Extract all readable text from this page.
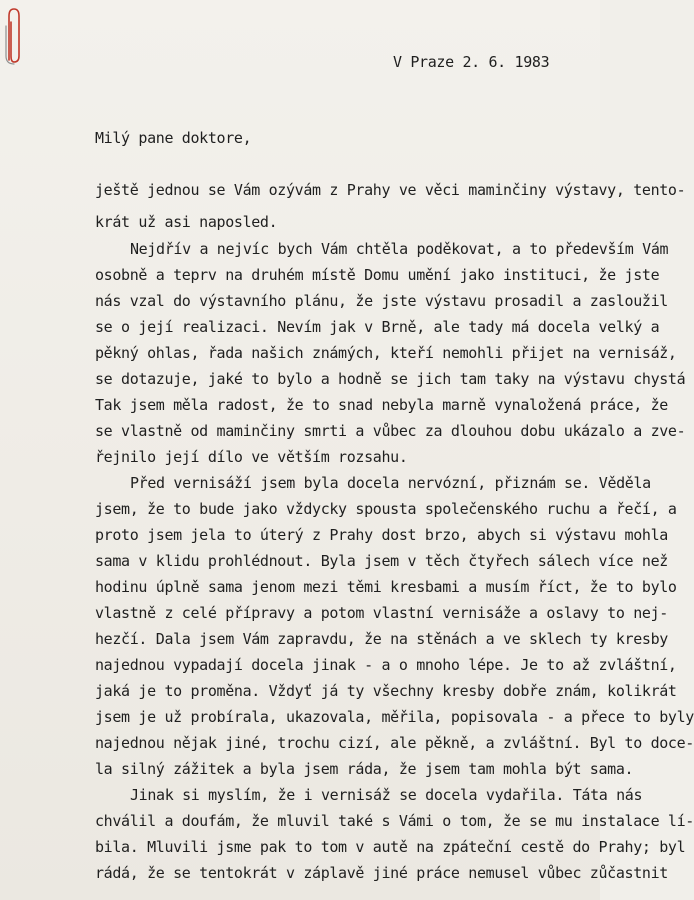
V Praze 2. 6. 1983
Milý pane doktore,
ještě jednou se Vám ozývám z Prahy ve věci maminčiny výstavy, tento-
krát už asi naposled.
Nejdřív a nejvíc bych Vám chtěla poděkovat, a to především Vám
osobně a teprv na druhém místě Domu umění jako instituci, že jste
nás vzal do výstavního plánu, že jste výstavu prosadil a zasloužil
se o její realizaci. Nevím jak v Brně, ale tady má docela velký a
pěkný ohlas, řada našich známých, kteří nemohli přijet na vernisáž,
se dotazuje, jaké to bylo a hodně se jich tam taky na výstavu chystá
Tak jsem měla radost, že to snad nebyla marně vynaložená práce, že
se vlastně od maminčiny smrti a vůbec za dlouhou dobu ukázalo a zve-
řejnilo její dílo ve větším rozsahu.
Před vernisáží jsem byla docela nervózní, přiznám se. Věděla
jsem, že to bude jako vždycky spousta společenského ruchu a řečí, a
proto jsem jela to úterý z Prahy dost brzo, abych si výstavu mohla
sama v klidu prohlédnout. Byla jsem v těch čtyřech sálech více než
hodinu úplně sama jenom mezi těmi kresbami a musím říct, že to bylo
vlastně z celé přípravy a potom vlastní vernisáže a oslavy to nej-
hezčí. Dala jsem Vám zapravdu, že na stěnách a ve sklech ty kresby
najednou vypadají docela jinak - a o mnoho lépe. Je to až zvláštní,
jaká je to proměna. Vždyť já ty všechny kresby dobře znám, kolikrát
jsem je už probírala, ukazovala, měřila, popisovala - a přece to byly
najednou nějak jiné, trochu cizí, ale pěkně, a zvláštní. Byl to doce-
la silný zážitek a byla jsem ráda, že jsem tam mohla být sama.
Jinak si myslím, že i vernisáž se docela vydařila. Táta nás
chválil a doufám, že mluvil také s Vámi o tom, že se mu instalace lí-
bila. Mluvili jsme pak to tom v autě na zpáteční cestě do Prahy; byl
rádá, že se tentokrát v záplavě jiné práce nemusel vůbec zůčastnit
